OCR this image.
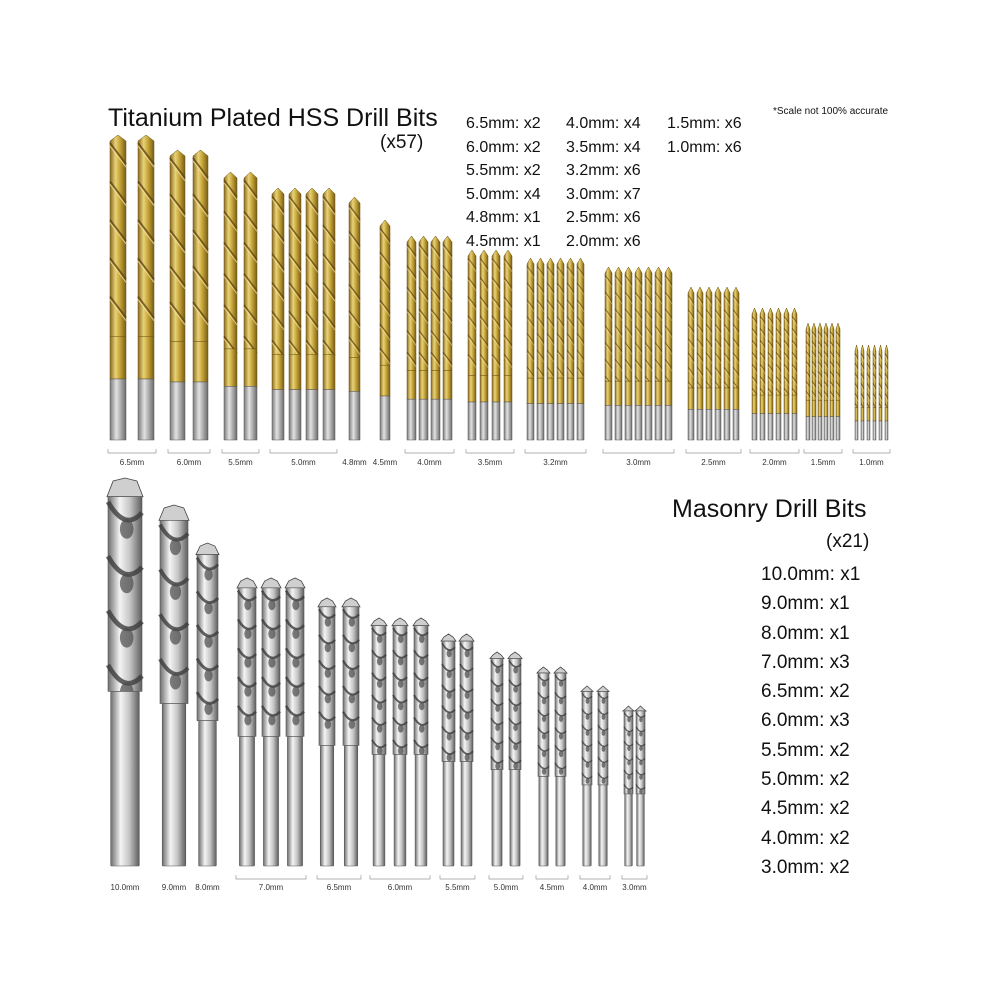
6.5mm	6.0mm	5.5mm	5.0mm	4.8mm 4.5mm	4.0mm	3.5mm	3.2mm	3.0mm	2.5mm	2.0mm	1.5mm	1.0mm
10.0mm	9.0mm 8.0mm	7.0mm	6.5mm	6.0mm	5.5mm	5.0mm	4.5mm 4.0mm 3.0mm
Titanium Plated HSS Drill Bits
(x57)
6.5mm: x2
6.0mm: x2
5.5mm: x2
5.0mm: x4
4.8mm: x1
4.5mm: x1
4.0mm: x4
3.5mm: x4
3.2mm: x6
3.0mm: x7
2.5mm: x6
2.0mm: x6
1.5mm: x6
1.0mm: x6
*Scale not 100% accurate
Masonry Drill Bits
(x21)
10.0mm: x1
9.0mm: x1
8.0mm: x1
7.0mm: x3
6.5mm: x2
6.0mm: x3
5.5mm: x2
5.0mm: x2
4.5mm: x2
4.0mm: x2
3.0mm: x2
